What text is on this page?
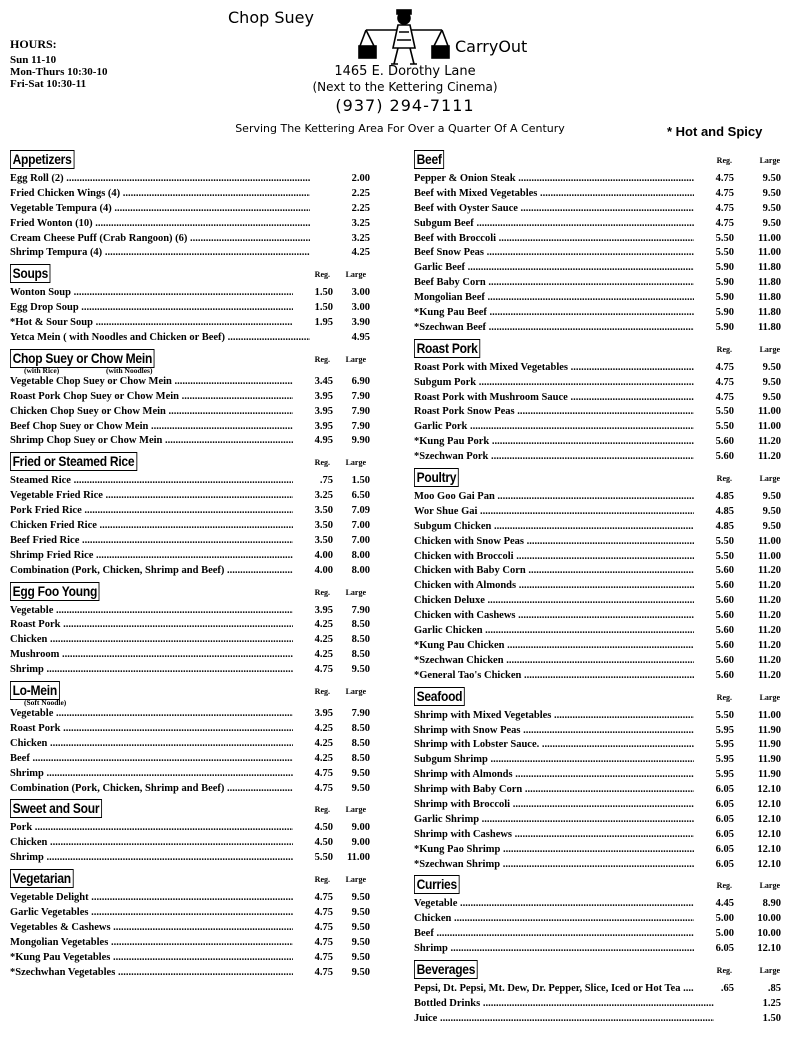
HOURS:
Sun 11-10
Mon-Thurs 10:30-10
Fri-Sat 10:30-11
Chop Suey
CarryOut
1465 E. Dorothy Lane
(Next to the Kettering Cinema)
(937) 294-7111
Serving The Kettering Area For Over a Quarter Of A Century	* Hot and Spicy
Appetizers
Egg Roll (2) .....	2.00
Fried Chicken Wings (4) .....	2.25
Vegetable Tempura (4) .....	2.25
Fried Wonton (10) .....	3.25
Cream Cheese Puff (Crab Rangoon) (6) .....	3.25
Shrimp Tempura (4) .....	4.25
Soups	Reg. Large
Wonton Soup .....	1.50	3.00
Egg Drop Soup .....	1.50	3.00
*Hot & Sour Soup .....	1.95	3.90
Yetca Mein ( with Noodles and Chicken or Beef) .....	4.95
Chop Suey or Chow Mein	Reg. Large
(with Rice)	(with Noodles)
Vegetable Chop Suey or Chow Mein .....	3.45	6.90
Roast Pork Chop Suey or Chow Mein .....	3.95	7.90
Chicken Chop Suey or Chow Mein .....	3.95	7.90
Beef Chop Suey or Chow Mein .....	3.95	7.90
Shrimp Chop Suey or Chow Mein .....	4.95	9.90
Fried or Steamed Rice	Reg. Large
Steamed Rice .....	.75	1.50
Vegetable Fried Rice .....	3.25	6.50
Pork Fried Rice .....	3.50	7.09
Chicken Fried Rice .....	3.50	7.00
Beef Fried Rice .....	3.50	7.00
Shrimp Fried Rice .....	4.00	8.00
Combination (Pork, Chicken, Shrimp and Beef) .....	4.00	8.00
Egg Foo Young	Reg. Large
Vegetable .....	3.95	7.90
Roast Pork .....	4.25	8.50
Chicken .....	4.25	8.50
Mushroom .....	4.25	8.50
Shrimp .....	4.75	9.50
Lo-Mein	Reg. Large
(Soft Noodle)
Vegetable .....	3.95	7.90
Roast Pork .....	4.25	8.50
Chicken .....	4.25	8.50
Beef .....	4.25	8.50
Shrimp .....	4.75	9.50
Combination (Pork, Chicken, Shrimp and Beef) .....	4.75	9.50
Sweet and Sour	Reg. Large
Pork .....	4.50	9.00
Chicken .....	4.50	9.00
Shrimp .....	5.50	11.00
Vegetarian	Reg. Large
Vegetable Delight .....	4.75	9.50
Garlic Vegetables .....	4.75	9.50
Vegetables & Cashews .....	4.75	9.50
Mongolian Vegetables .....	4.75	9.50
*Kung Pau Vegetables .....	4.75	9.50
*Szechwhan Vegetables .....	4.75	9.50
Beef	Reg.	Large
Pepper & Onion Steak .....	4.75	9.50
Beef with Mixed Vegetables .....	4.75	9.50
Beef with Oyster Sauce .....	4.75	9.50
Subgum Beef .....	4.75	9.50
Beef with Broccoli .....	5.50	11.00
Beef Snow Peas .....	5.50	11.00
Garlic Beef .....	5.90	11.80
Beef Baby Corn .....	5.90	11.80
Mongolian Beef .....	5.90	11.80
*Kung Pau Beef .....	5.90	11.80
*Szechwan Beef .....	5.90	11.80
Roast Pork	Reg.	Large
Roast Pork with Mixed Vegetables .....	4.75	9.50
Subgum Pork .....	4.75	9.50
Roast Pork with Mushroom Sauce .....	4.75	9.50
Roast Pork Snow Peas .....	5.50	11.00
Garlic Pork .....	5.50	11.00
*Kung Pau Pork .....	5.60	11.20
*Szechwan Pork .....	5.60	11.20
Poultry	Reg.	Large
Moo Goo Gai Pan .....	4.85	9.50
Wor Shue Gai .....	4.85	9.50
Subgum Chicken .....	4.85	9.50
Chicken with Snow Peas .....	5.50	11.00
Chicken with Broccoli .....	5.50	11.00
Chicken with Baby Corn .....	5.60	11.20
Chicken with Almonds .....	5.60	11.20
Chicken Deluxe .....	5.60	11.20
Chicken with Cashews .....	5.60	11.20
Garlic Chicken .....	5.60	11.20
*Kung Pau Chicken .....	5.60	11.20
*Szechwan Chicken .....	5.60	11.20
*General Tao's Chicken .....	5.60	11.20
Seafood	Reg.	Large
Shrimp with Mixed Vegetables .....	5.50	11.00
Shrimp with Snow Peas .....	5.95	11.90
Shrimp with Lobster Sauce. .....	5.95	11.90
Subgum Shrimp .....	5.95	11.90
Shrimp with Almonds .....	5.95	11.90
Shrimp with Baby Corn .....	6.05	12.10
Shrimp with Broccoli .....	6.05	12.10
Garlic Shrimp .....	6.05	12.10
Shrimp with Cashews .....	6.05	12.10
*Kung Pao Shrimp .....	6.05	12.10
*Szechwan Shrimp .....	6.05	12.10
Curries	Reg.	Large
Vegetable .....	4.45	8.90
Chicken .....	5.00	10.00
Beef .....	5.00	10.00
Shrimp .....	6.05	12.10
Beverages	Reg.	Large
Pepsi, Dt. Pepsi, Mt. Dew, Dr. Pepper, Slice, Iced or Hot Tea .....	.65	.85
Bottled Drinks .....	1.25
Juice .....	1.50
